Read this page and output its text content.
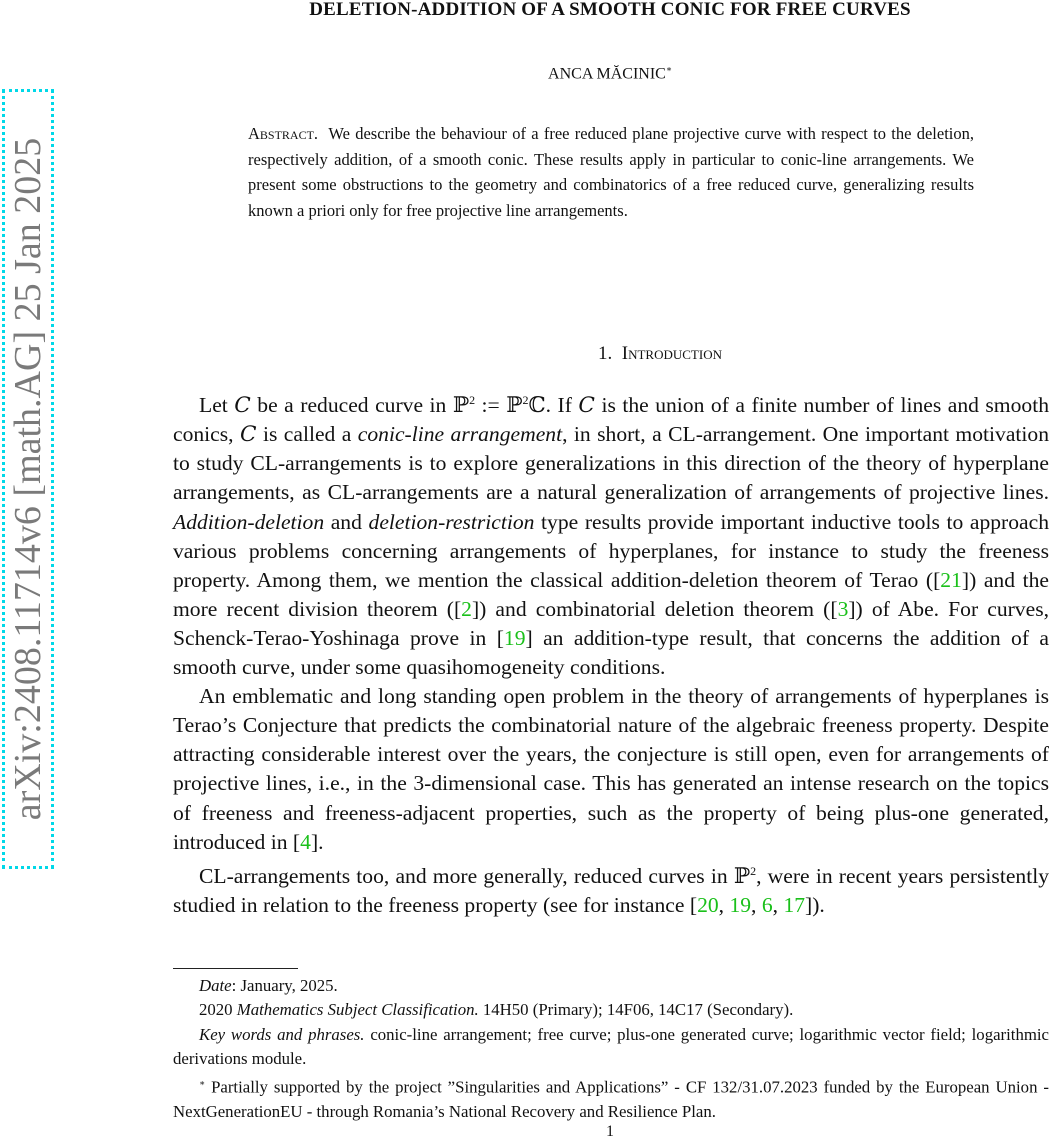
arXiv:2408.11714v6 [math.AG] 25 Jan 2025
DELETION-ADDITION OF A SMOOTH CONIC FOR FREE CURVES
ANCA MĂCINIC∗
Abstract. We describe the behaviour of a free reduced plane projective curve with respect to the deletion, respectively addition, of a smooth conic. These results apply in particular to conic-line arrangements. We present some obstructions to the geometry and combinatorics of a free reduced curve, generalizing results known a priori only for free projective line arrangements.
1. Introduction

Let 𝐶 be a reduced curve in ℙ$^2$ := ℙ$^2$ℂ. If 𝐶 is the union of a finite number of lines and smooth conics, 𝐶 is called a conic-line arrangement, in short, a CL-arrangement. One important motivation to study CL-arrangements is to explore generalizations in this direction of the theory of hyperplane arrangements, as CL-arrangements are a natural generalization of arrangements of projective lines. Addition-deletion and deletion-restriction type results provide important inductive tools to approach various problems concerning arrangements of hyperplanes, for instance to study the freeness property. Among them, we mention the classical addition-deletion theorem of Terao ([21]) and the more recent division theorem ([2]) and combinatorial deletion theorem ([3]) of Abe. For curves, Schenck-Terao-Yoshinaga prove in [19] an addition-type result, that concerns the addition of a smooth curve, under some quasihomogeneity conditions.

An emblematic and long standing open problem in the theory of arrangements of hyperplanes is Terao’s Conjecture that predicts the combinatorial nature of the algebraic freeness property. Despite attracting considerable interest over the years, the conjecture is still open, even for arrangements of projective lines, i.e., in the 3-dimensional case. This has generated an intense research on the topics of freeness and freeness-adjacent properties, such as the property of being plus-one generated, introduced in [4].

CL-arrangements too, and more generally, reduced curves in ℙ$^2$, were in recent years persistently studied in relation to the freeness property (see for instance [20, 19, 6, 17]).

Date: January, 2025.

2020 Mathematics Subject Classification. 14H50 (Primary); 14F06, 14C17 (Secondary).

Key words and phrases. conic-line arrangement; free curve; plus-one generated curve; logarithmic vector field; logarithmic derivations module.

∗ Partially supported by the project ”Singularities and Applications” - CF 132/31.07.2023 funded by the European Union - NextGenerationEU - through Romania’s National Recovery and Resilience Plan.

1
